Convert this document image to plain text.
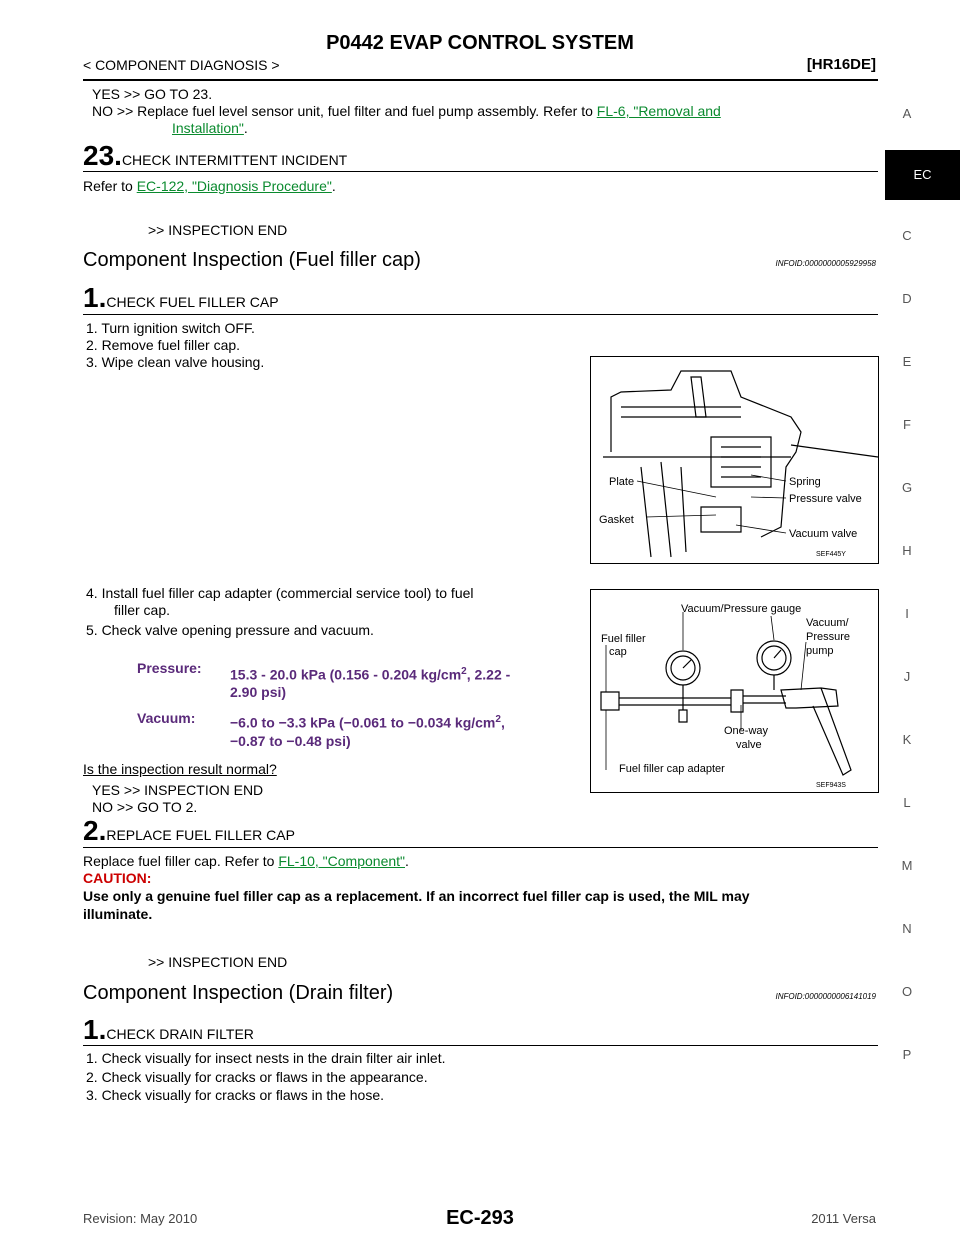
P0442 EVAP CONTROL SYSTEM
< COMPONENT DIAGNOSIS >	[HR16DE]
A
EC
C
D
E
F
G
H
I
J
K
L
M
N
O
P
YES >> GO TO 23.
NO >> Replace fuel level sensor unit, fuel filter and fuel pump assembly. Refer to FL-6, "Removal and
Installation".
23.CHECK INTERMITTENT INCIDENT
Refer to EC-122, "Diagnosis Procedure".
>> INSPECTION END
Component Inspection (Fuel filler cap)	INFOID:0000000005929958
1.CHECK FUEL FILLER CAP
1. Turn ignition switch OFF.
2. Remove fuel filler cap.
3. Wipe clean valve housing.
Plate	Spring
Pressure valve
Gasket
Vacuum valve
SEF445Y
4. Install fuel filler cap adapter (commercial service tool) to fuel
filler cap.
5. Check valve opening pressure and vacuum.
Pressure: 15.3 - 20.0 kPa (0.156 - 0.204 $kg/cm^2$, 2.22 -
2.90 psi)
Vacuum: −6.0 to −3.3 kPa (−0.061 to −0.034 $kg/cm^2$,
−0.87 to −0.48 psi)
Vacuum/Pressure gauge
Fuel filler
cap
Vacuum/
Pressure
pump
One-way
valve
Fuel filler cap adapter
SEF943S
Is the inspection result normal?
YES >> INSPECTION END
NO >> GO TO 2.
2.REPLACE FUEL FILLER CAP
Replace fuel filler cap. Refer to FL-10, "Component".
CAUTION:
Use only a genuine fuel filler cap as a replacement. If an incorrect fuel filler cap is used, the MIL may
illuminate.
>> INSPECTION END
Component Inspection (Drain filter)	INFOID:0000000006141019
1.CHECK DRAIN FILTER
1. Check visually for insect nests in the drain filter air inlet.
2. Check visually for cracks or flaws in the appearance.
3. Check visually for cracks or flaws in the hose.
Revision: May 2010	EC-293	2011 Versa
